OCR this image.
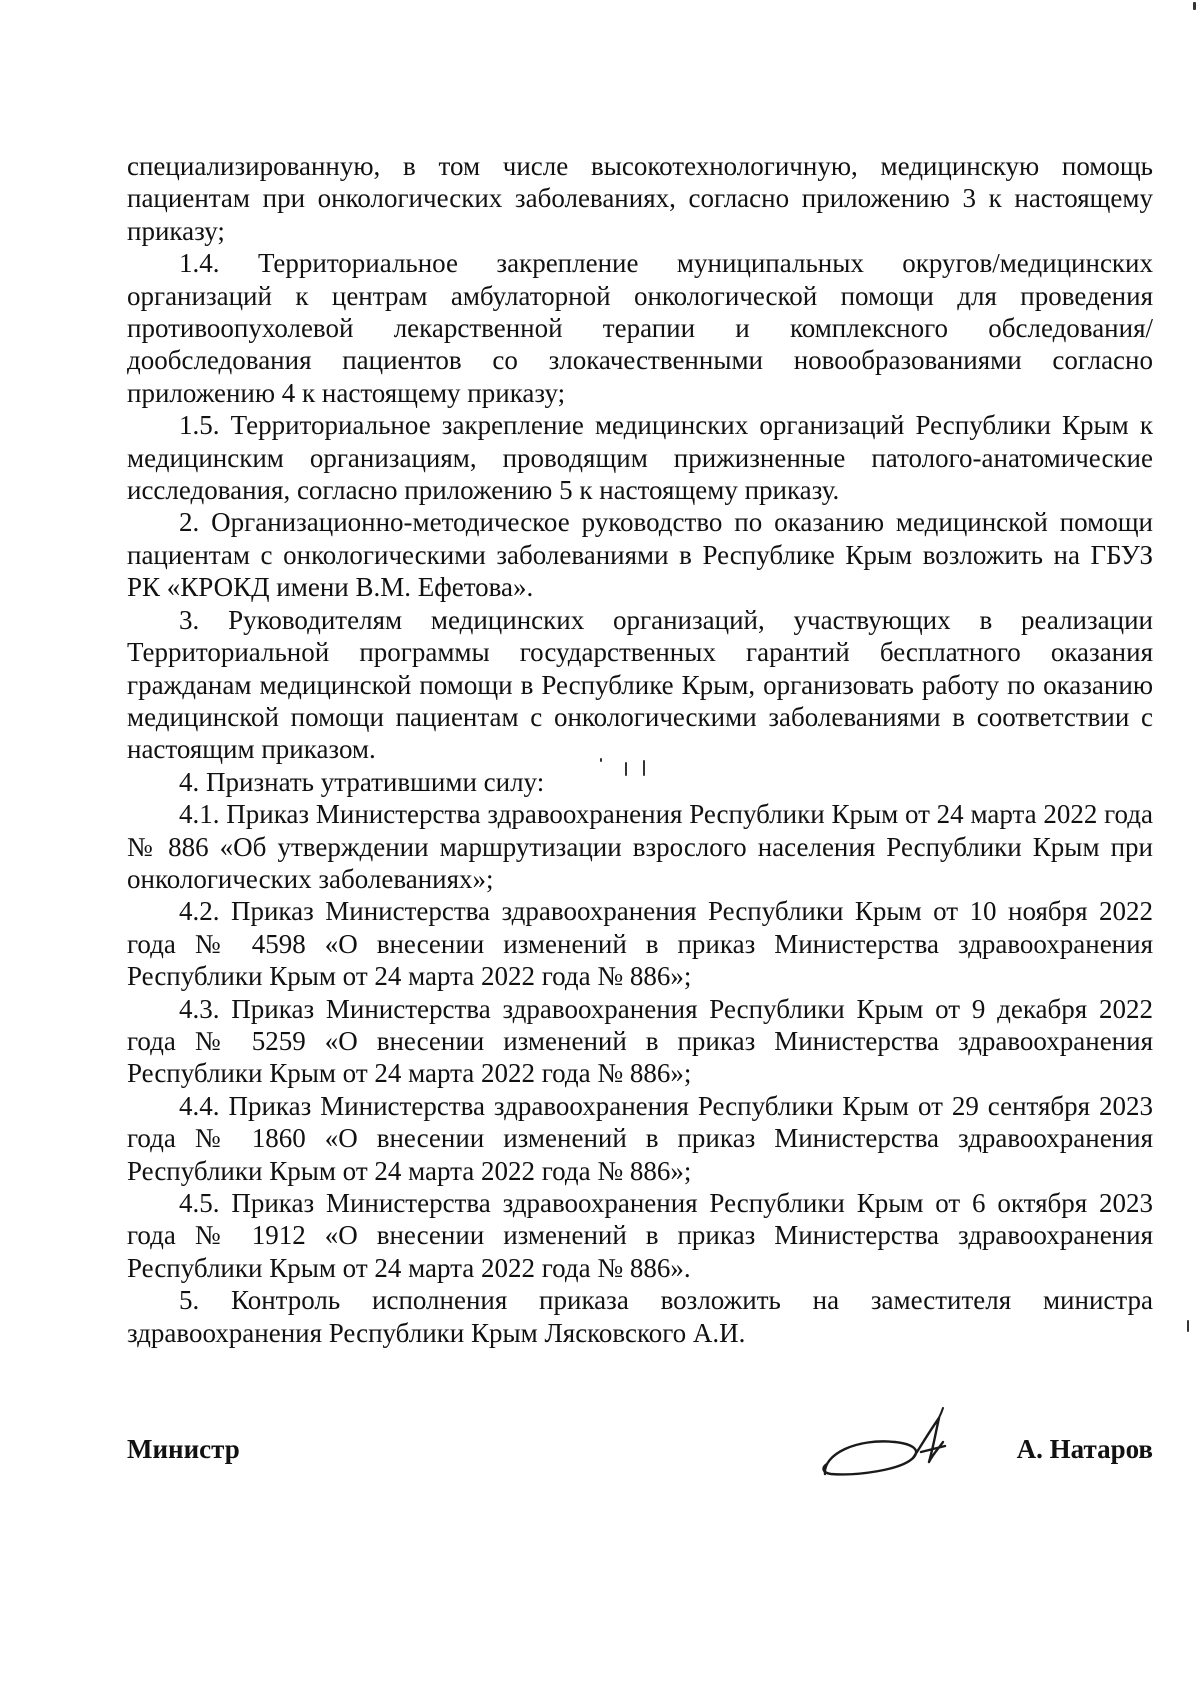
специализированную, в том числе высокотехнологичную, медицинскую помощь пациентам при онкологических заболеваниях, согласно приложению 3 к настоящему приказу;

1.4. Территориальное закрепление муниципальных округов/медицинских организаций к центрам амбулаторной онкологической помощи для проведения противоопухолевой лекарственной терапии и комплексного обследования/дообследования пациентов со злокачественными новообразованиями согласно приложению 4 к настоящему приказу;

1.5. Территориальное закрепление медицинских организаций Республики Крым к медицинским организациям, проводящим прижизненные патолого-анатомические исследования, согласно приложению 5 к настоящему приказу.

2. Организационно-методическое руководство по оказанию медицинской помощи пациентам с онкологическими заболеваниями в Республике Крым возложить на ГБУЗ РК «КРОКД имени В.М. Ефетова».

3. Руководителям медицинских организаций, участвующих в реализации Территориальной программы государственных гарантий бесплатного оказания гражданам медицинской помощи в Республике Крым, организовать работу по оказанию медицинской помощи пациентам с онкологическими заболеваниями в соответствии с настоящим приказом.

4. Признать утратившими силу:

4.1. Приказ Министерства здравоохранения Республики Крым от 24 марта 2022 года № 886 «Об утверждении маршрутизации взрослого населения Республики Крым при онкологических заболеваниях»;

4.2. Приказ Министерства здравоохранения Республики Крым от 10 ноября 2022 года № 4598 «О внесении изменений в приказ Министерства здравоохранения Республики Крым от 24 марта 2022 года № 886»;

4.3. Приказ Министерства здравоохранения Республики Крым от 9 декабря 2022 года № 5259 «О внесении изменений в приказ Министерства здравоохранения Республики Крым от 24 марта 2022 года № 886»;

4.4. Приказ Министерства здравоохранения Республики Крым от 29 сентября 2023 года № 1860 «О внесении изменений в приказ Министерства здравоохранения Республики Крым от 24 марта 2022 года № 886»;

4.5. Приказ Министерства здравоохранения Республики Крым от 6 октября 2023 года № 1912 «О внесении изменений в приказ Министерства здравоохранения Республики Крым от 24 марта 2022 года № 886».

5. Контроль исполнения приказа возложить на заместителя министра здравоохранения Республики Крым Лясковского А.И.

Министр	А. Натаров
